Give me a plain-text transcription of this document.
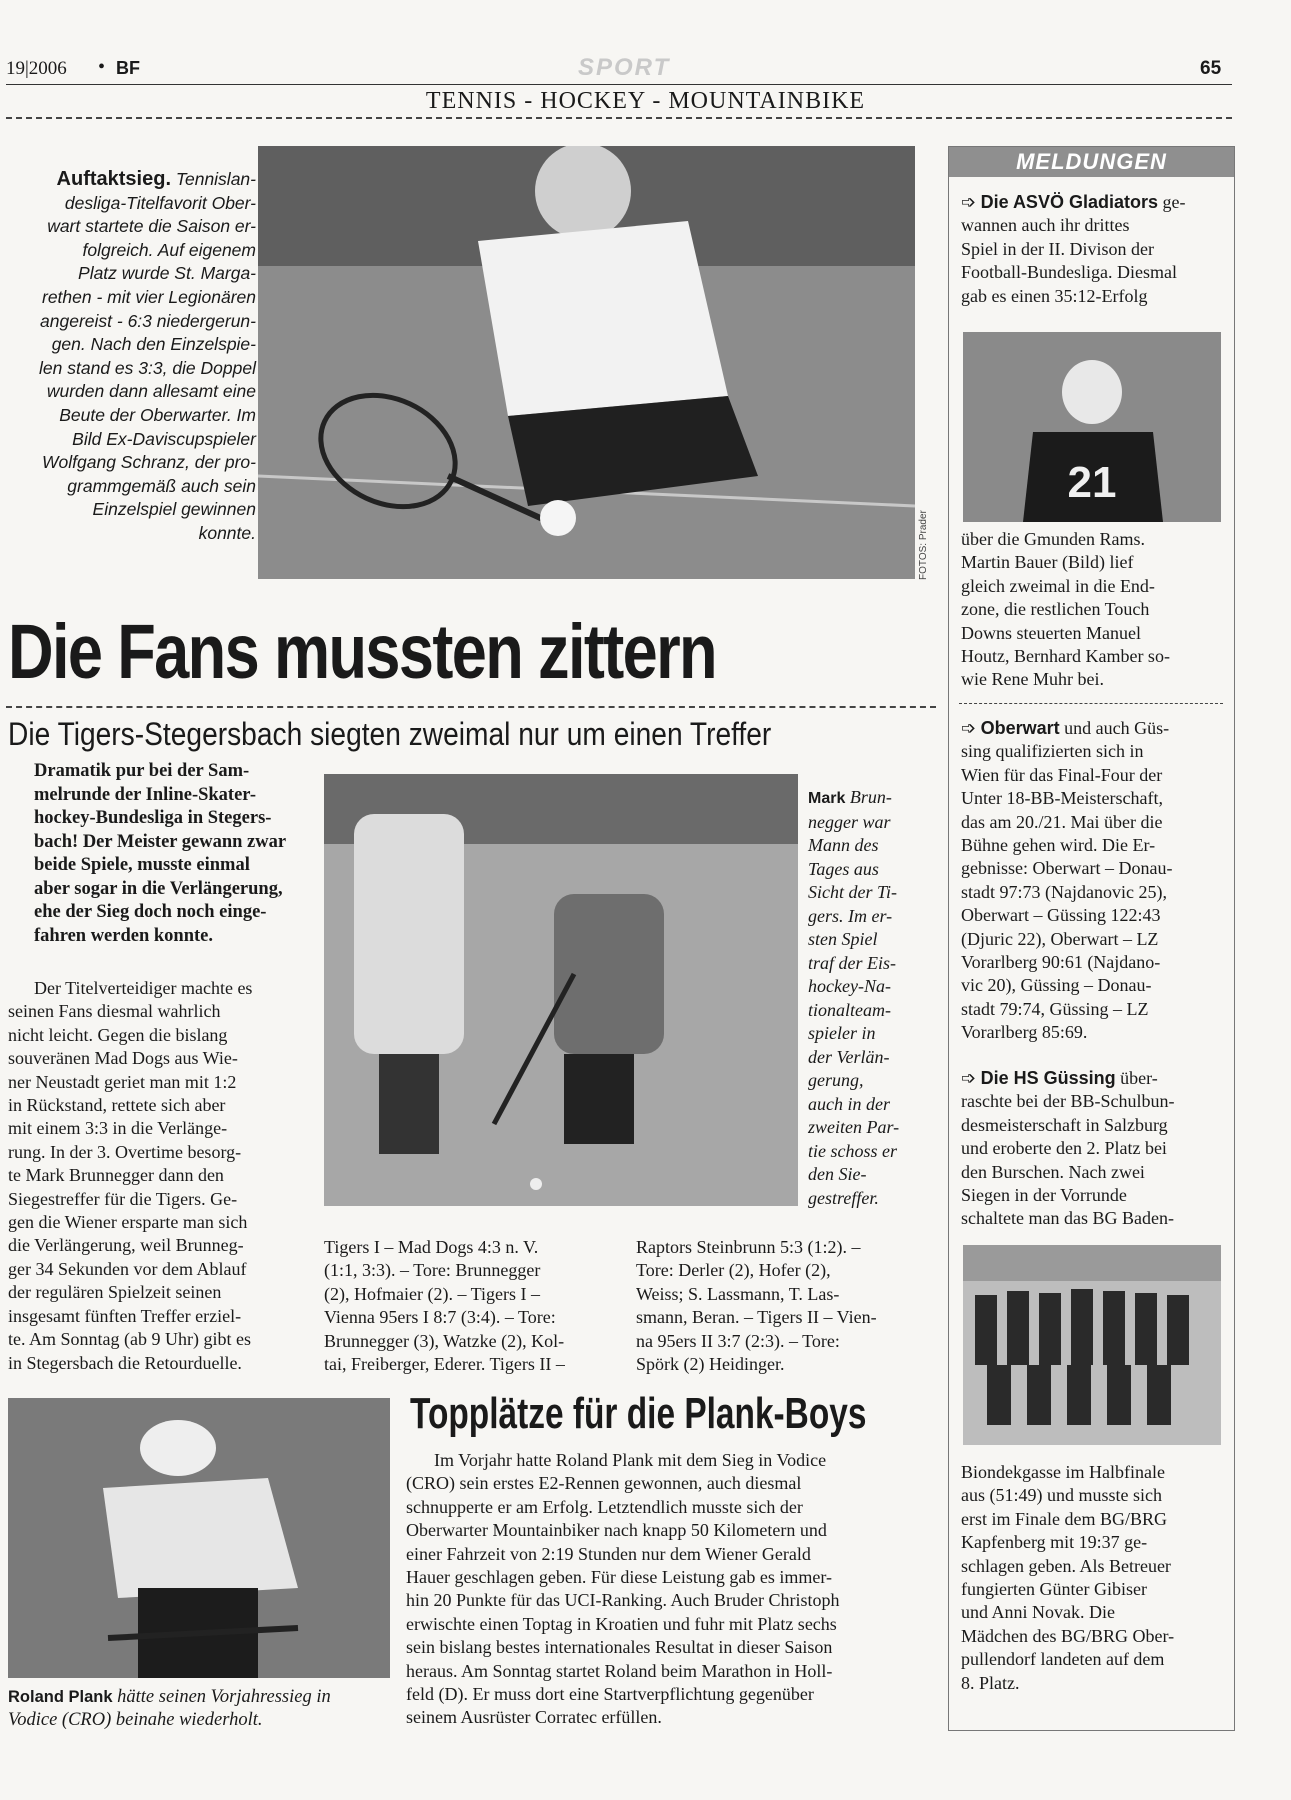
19|2006 • BF	SPORT	65
TENNIS - HOCKEY - MOUNTAINBIKE
Auftaktsieg. Tennislan-
desliga-Titelfavorit Ober-
wart startete die Saison er-
folgreich. Auf eigenem
Platz wurde St. Marga-
rethen - mit vier Legionären
angereist - 6:3 niedergerun-
gen. Nach den Einzelspie-
len stand es 3:3, die Doppel
wurden dann allesamt eine
Beute der Oberwarter. Im
Bild Ex-Daviscupspieler
Wolfgang Schranz, der pro-
grammgemäß auch sein
Einzelspiel gewinnen
konnte.	FOTOS: Prader
Die Fans mussten zittern
Die Tigers-Stegersbach siegten zweimal nur um einen Treffer
Dramatik pur bei der Sam-
melrunde der Inline-Skater-
hockey-Bundesliga in Stegers-
bach! Der Meister gewann zwar
beide Spiele, musste einmal
aber sogar in die Verlängerung,
ehe der Sieg doch noch einge-
fahren werden konnte.
Der Titelverteidiger machte es
seinen Fans diesmal wahrlich
nicht leicht. Gegen die bislang
souveränen Mad Dogs aus Wie-
ner Neustadt geriet man mit 1:2
in Rückstand, rettete sich aber
mit einem 3:3 in die Verlänge-
rung. In der 3. Overtime besorg-
te Mark Brunnegger dann den
Siegestreffer für die Tigers. Ge-
gen die Wiener ersparte man sich
die Verlängerung, weil Brunneg-
ger 34 Sekunden vor dem Ablauf
der regulären Spielzeit seinen
insgesamt fünften Treffer erziel-
te. Am Sonntag (ab 9 Uhr) gibt es
in Stegersbach die Retourduelle.
Mark Brun-
negger war
Mann des
Tages aus
Sicht der Ti-
gers. Im er-
sten Spiel
traf der Eis-
hockey-Na-
tionalteam-
spieler in
der Verlän-
gerung,
auch in der
zweiten Par-
tie schoss er
den Sie-
gestreffer.
Tigers I – Mad Dogs 4:3 n. V.
(1:1, 3:3). – Tore: Brunnegger
(2), Hofmaier (2). – Tigers I –
Vienna 95ers I 8:7 (3:4). – Tore:
Brunnegger (3), Watzke (2), Kol-
tai, Freiberger, Ederer. Tigers II –
Raptors Steinbrunn 5:3 (1:2). –
Tore: Derler (2), Hofer (2),
Weiss; S. Lassmann, T. Las-
smann, Beran. – Tigers II – Vien-
na 95ers II 3:7 (2:3). – Tore:
Spörk (2) Heidinger.
Roland Plank hätte seinen Vorjahressieg in
Vodice (CRO) beinahe wiederholt.
Topplätze für die Plank-Boys
Im Vorjahr hatte Roland Plank mit dem Sieg in Vodice
(CRO) sein erstes E2-Rennen gewonnen, auch diesmal
schnupperte er am Erfolg. Letztendlich musste sich der
Oberwarter Mountainbiker nach knapp 50 Kilometern und
einer Fahrzeit von 2:19 Stunden nur dem Wiener Gerald
Hauer geschlagen geben. Für diese Leistung gab es immer-
hin 20 Punkte für das UCI-Ranking. Auch Bruder Christoph
erwischte einen Toptag in Kroatien und fuhr mit Platz sechs
sein bislang bestes internationales Resultat in dieser Saison
heraus. Am Sonntag startet Roland beim Marathon in Holl-
feld (D). Er muss dort eine Startverpflichtung gegenüber
seinem Ausrüster Corratec erfüllen.
MELDUNGEN
➩ Die ASVÖ Gladiators ge-
wannen auch ihr drittes
Spiel in der II. Divison der
Football-Bundesliga. Diesmal
gab es einen 35:12-Erfolg
21
über die Gmunden Rams.
Martin Bauer (Bild) lief
gleich zweimal in die End-
zone, die restlichen Touch
Downs steuerten Manuel
Houtz, Bernhard Kamber so-
wie Rene Muhr bei.
➩ Oberwart und auch Güs-
sing qualifizierten sich in
Wien für das Final-Four der
Unter 18-BB-Meisterschaft,
das am 20./21. Mai über die
Bühne gehen wird. Die Er-
gebnisse: Oberwart – Donau-
stadt 97:73 (Najdanovic 25),
Oberwart – Güssing 122:43
(Djuric 22), Oberwart – LZ
Vorarlberg 90:61 (Najdano-
vic 20), Güssing – Donau-
stadt 79:74, Güssing – LZ
Vorarlberg 85:69.
➩ Die HS Güssing über-
raschte bei der BB-Schulbun-
desmeisterschaft in Salzburg
und eroberte den 2. Platz bei
den Burschen. Nach zwei
Siegen in der Vorrunde
schaltete man das BG Baden-
Biondekgasse im Halbfinale
aus (51:49) und musste sich
erst im Finale dem BG/BRG
Kapfenberg mit 19:37 ge-
schlagen geben. Als Betreuer
fungierten Günter Gibiser
und Anni Novak. Die
Mädchen des BG/BRG Ober-
pullendorf landeten auf dem
8. Platz.
